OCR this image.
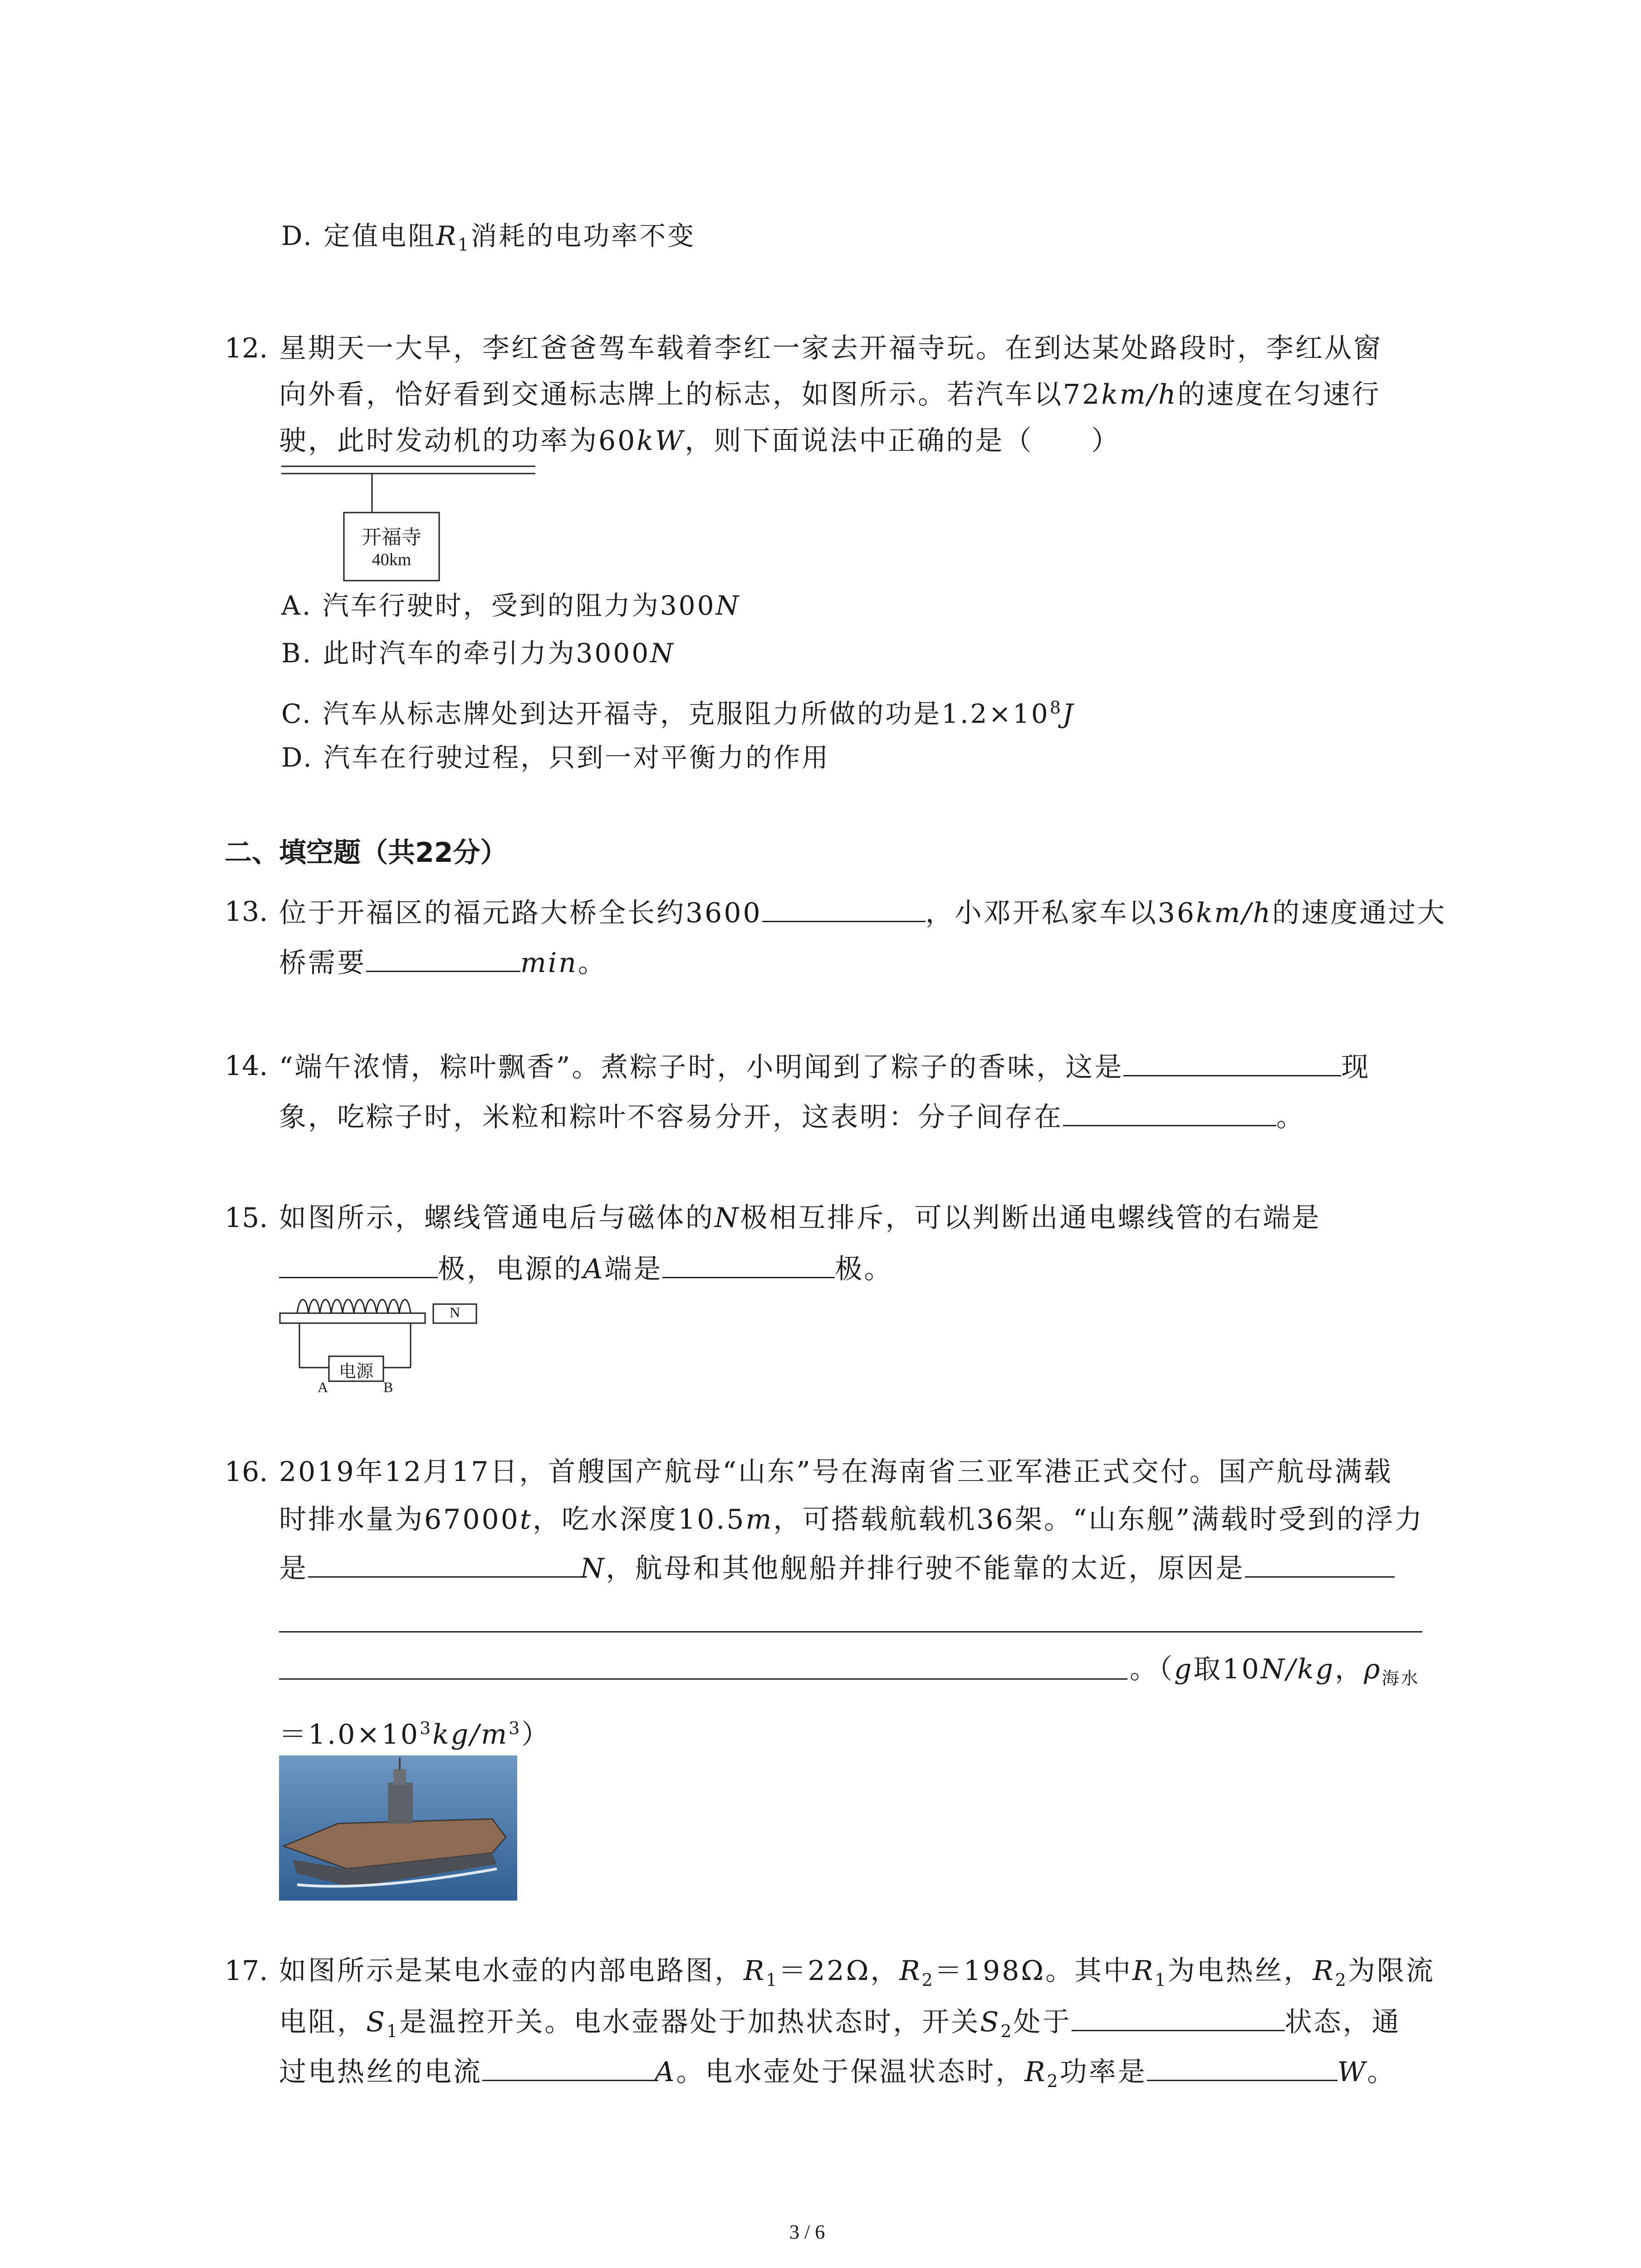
D. 定值电阻$R_1$消耗的电功率不变
12. 星期天一大早，李红爸爸驾车载着李红一家去开福寺玩。在到达某处路段时，李红从窗
向外看，恰好看到交通标志牌上的标志，如图所示。若汽车以72km/h的速度在匀速行
驶，此时发动机的功率为60kW，则下面说法中正确的是（　　）
开福寺
40km
A. 汽车行驶时，受到的阻力为300N
B. 此时汽车的牵引力为3000N
C. 汽车从标志牌处到达开福寺，克服阻力所做的功是$1.2\times 10^8J$
D. 汽车在行驶过程，只到一对平衡力的作用
二、填空题（共22分）
13. 位于开福区的福元路大桥全长约3600	，小邓开私家车以36km/h的速度通过大
桥需要	min。
14. “端午浓情，粽叶飘香”。煮粽子时，小明闻到了粽子的香味，这是	现
象，吃粽子时，米粒和粽叶不容易分开，这表明：分子间存在	。
15. 如图所示，螺线管通电后与磁体的N极相互排斥，可以判断出通电螺线管的右端是
极，电源的A端是	极。
电源
N
A	B
16. 2019年12月17日，首艘国产航母“山东”号在海南省三亚军港正式交付。国产航母满载
时排水量为67000t，吃水深度10.5m，可搭载航载机36架。“山东舰”满载时受到的浮力
是	N，航母和其他舰船并排行驶不能靠的太近，原因是
。（g取10N/kg，$\rho_{海水}$
$=1.0\times 10^3kg/m^3$）
17. 如图所示是某电水壶的内部电路图，$R_1=22\Omega$，$R_2=198\Omega$。其中$R_1$为电热丝，$R_2$为限流
电阻，$S_1$是温控开关。电水壶器处于加热状态时，开关$S_2$处于	状态，通
过电热丝的电流	A。电水壶处于保温状态时，$R_2$功率是	W。
3 / 6
